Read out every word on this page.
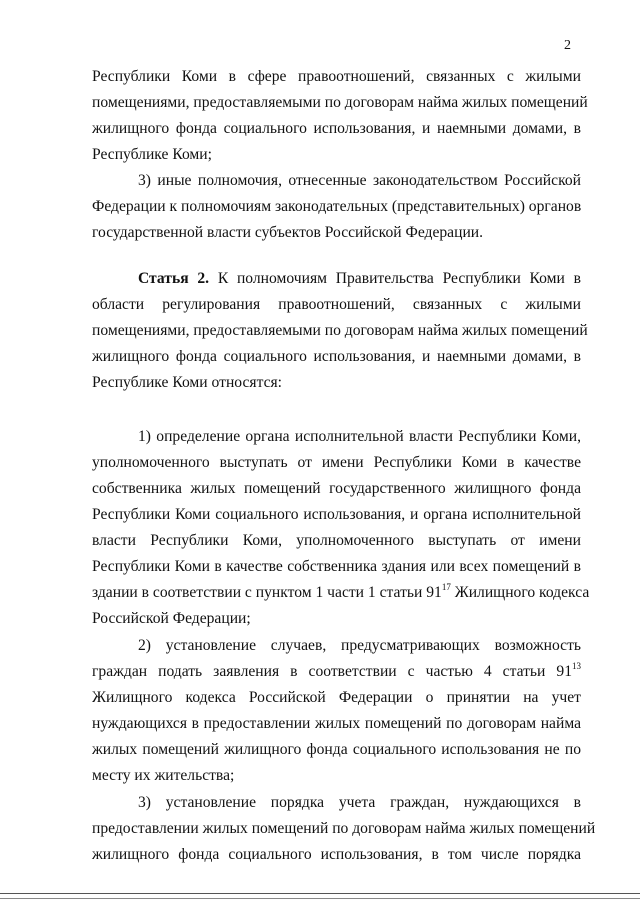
2
Республики Коми в сфере правоотношений, связанных с жилыми
помещениями, предоставляемыми по договорам найма жилых помещений
жилищного фонда социального использования, и наемными домами, в
Республике Коми;
3) иные полномочия, отнесенные законодательством Российской
Федерации к полномочиям законодательных (представительных) органов
государственной власти субъектов Российской Федерации.
Статья 2. К полномочиям Правительства Республики Коми в
области регулирования правоотношений, связанных с жилыми
помещениями, предоставляемыми по договорам найма жилых помещений
жилищного фонда социального использования, и наемными домами, в
Республике Коми относятся:
1) определение органа исполнительной власти Республики Коми,
уполномоченного выступать от имени Республики Коми в качестве
собственника жилых помещений государственного жилищного фонда
Республики Коми социального использования, и органа исполнительной
власти Республики Коми, уполномоченного выступать от имени
Республики Коми в качестве собственника здания или всех помещений в
здании в соответствии с пунктом 1 части 1 статьи $91^{17}$ Жилищного кодекса
Российской Федерации;
2) установление случаев, предусматривающих возможность
граждан подать заявления в соответствии с частью 4 статьи $91^{13}$
Жилищного кодекса Российской Федерации о принятии на учет
нуждающихся в предоставлении жилых помещений по договорам найма
жилых помещений жилищного фонда социального использования не по
месту их жительства;
3) установление порядка учета граждан, нуждающихся в
предоставлении жилых помещений по договорам найма жилых помещений
жилищного фонда социального использования, в том числе порядка
